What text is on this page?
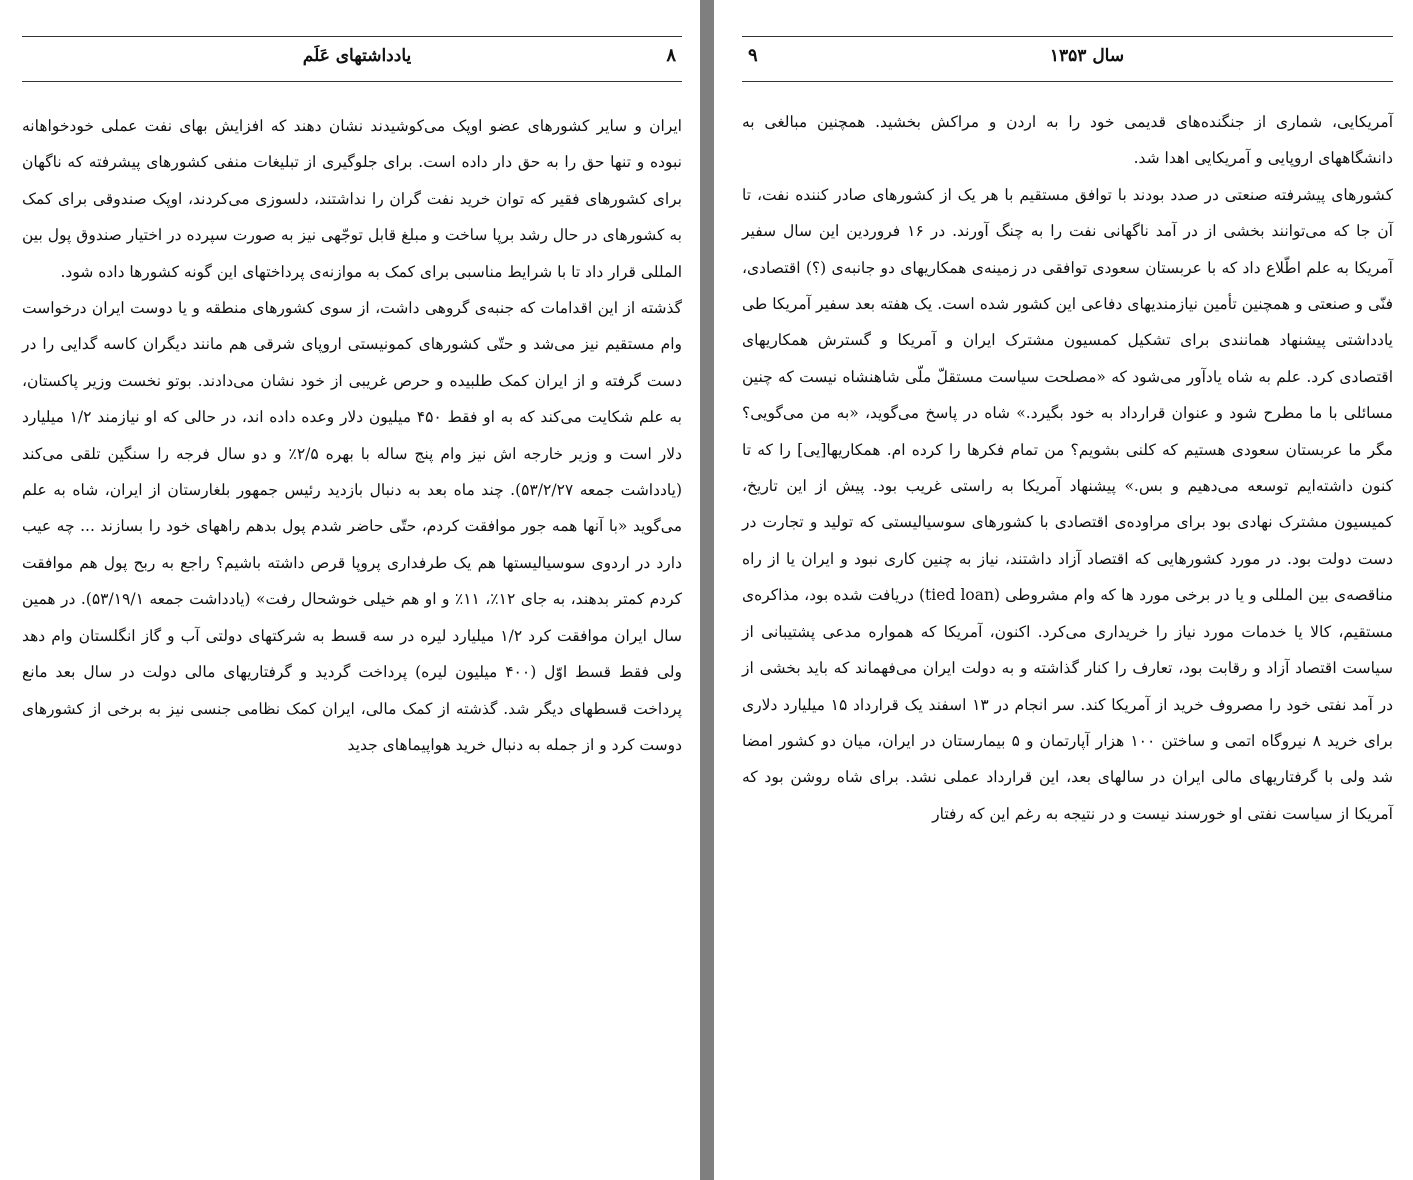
یادداشتهای عَلَم	۸

ایران و سایر کشورهای عضو اوپک می‌کوشیدند نشان دهند که افزایش بهای نفت عملی خودخواهانه نبوده و تنها حق را به حق دار داده است. برای جلوگیری از تبلیغات منفی کشورهای پیشرفته که ناگهان برای کشورهای فقیر که توان خرید نفت گران را نداشتند، دلسوزی می‌کردند، اوپک صندوقی برای کمک به کشورهای در حال رشد برپا ساخت و مبلغ قابل توجّهی نیز به صورت سپرده در اختیار صندوق پول بین المللی قرار داد تا با شرایط مناسبی برای کمک به موازنه‌ی پرداختهای این گونه کشورها داده شود.

گذشته از این اقدامات که جنبه‌ی گروهی داشت، از سوی کشورهای منطقه و یا دوست ایران درخواست وام مستقیم نیز می‌شد و حتّی کشورهای کمونیستی اروپای شرقی هم مانند دیگران کاسه گدایی را در دست گرفته و از ایران کمک طلبیده و حرص غریبی از خود نشان می‌دادند. بوتو نخست وزیر پاکستان، به علم شکایت می‌کند که به او فقط ۴۵۰ میلیون دلار وعده داده اند، در حالی که او نیازمند ۱/۲ میلیارد دلار است و وزیر خارجه اش نیز وام پنج ساله با بهره ۲/۵٪ و دو سال فرجه را سنگین تلقی می‌کند (یادداشت جمعه ۵۳/۲/۲۷). چند ماه بعد به دنبال بازدید رئیس جمهور بلغارستان از ایران، شاه به علم می‌گوید «با آنها همه جور موافقت کردم، حتّی حاضر شدم پول بدهم راههای خود را بسازند ... چه عیب دارد در اردوی سوسیالیستها هم یک طرفداری پروپا قرص داشته باشیم؟ راجع به ربح پول هم موافقت کردم کمتر بدهند، به جای ۱۲٪، ۱۱٪ و او هم خیلی خوشحال رفت» (یادداشت جمعه ۵۳/۱۹/۱). در همین سال ایران موافقت کرد ۱/۲ میلیارد لیره در سه قسط به شرکتهای دولتی آب و گاز انگلستان وام دهد ولی فقط قسط اوّل (۴۰۰ میلیون لیره) پرداخت گردید و گرفتاریهای مالی دولت در سال بعد مانع پرداخت قسطهای دیگر شد. گذشته از کمک مالی، ایران کمک نظامی جنسی نیز به برخی از کشورهای دوست کرد و از جمله به دنبال خرید هواپیماهای جدید

سال ۱۳۵۳
۹

آمریکایی، شماری از جنگنده‌های قدیمی خود را به اردن و مراکش بخشید. همچنین مبالغی به دانشگاههای اروپایی و آمریکایی اهدا شد.

کشورهای پیشرفته صنعتی در صدد بودند با توافق مستقیم با هر یک از کشورهای صادر کننده نفت، تا آن جا که می‌توانند بخشی از در آمد ناگهانی نفت را به چنگ آورند. در ۱۶ فروردین این سال سفیر آمریکا به علم اطّلاع داد که با عربستان سعودی توافقی در زمینه‌ی همکاریهای دو جانبه‌ی (؟) اقتصادی، فنّی و صنعتی و همچنین تأمین نیازمندیهای دفاعی این کشور شده است. یک هفته بعد سفیر آمریکا طی یادداشتی پیشنهاد همانندی برای تشکیل کمسیون مشترک ایران و آمریکا و گسترش همکاریهای اقتصادی کرد. علم به شاه یادآور می‌شود که «مصلحت سیاست مستقلّ ملّی شاهنشاه نیست که چنین مسائلی با ما مطرح شود و عنوان قرارداد به خود بگیرد.» شاه در پاسخ می‌گوید، «به من می‌گویی؟ مگر ما عربستان سعودی هستیم که کلنی بشویم؟ من تمام فکرها را کرده ام. همکاریها[یی] را که تا کنون داشته‌ایم توسعه می‌دهیم و بس.» پیشنهاد آمریکا به راستی غریب بود. پیش از این تاریخ، کمیسیون مشترک نهادی بود برای مراوده‌ی اقتصادی با کشورهای سوسیالیستی که تولید و تجارت در دست دولت بود. در مورد کشورهایی که اقتصاد آزاد داشتند، نیاز به چنین کاری نبود و ایران یا از راه مناقصه‌ی بین المللی و یا در برخی مورد ها که وام مشروطی (tied loan) دریافت شده بود، مذاکره‌ی مستقیم، کالا یا خدمات مورد نیاز را خریداری می‌کرد. اکنون، آمریکا که همواره مدعی پشتیبانی از سیاست اقتصاد آزاد و رقابت بود، تعارف را کنار گذاشته و به دولت ایران می‌فهماند که باید بخشی از در آمد نفتی خود را مصروف خرید از آمریکا کند. سر انجام در ۱۳ اسفند یک قرارداد ۱۵ میلیارد دلاری برای خرید ۸ نیروگاه اتمی و ساختن ۱۰۰ هزار آپارتمان و ۵ بیمارستان در ایران، میان دو کشور امضا شد ولی با گرفتاریهای مالی ایران در سالهای بعد، این قرارداد عملی نشد. برای شاه روشن بود که آمریکا از سیاست نفتی او خورسند نیست و در نتیجه به رغم این که رفتار
